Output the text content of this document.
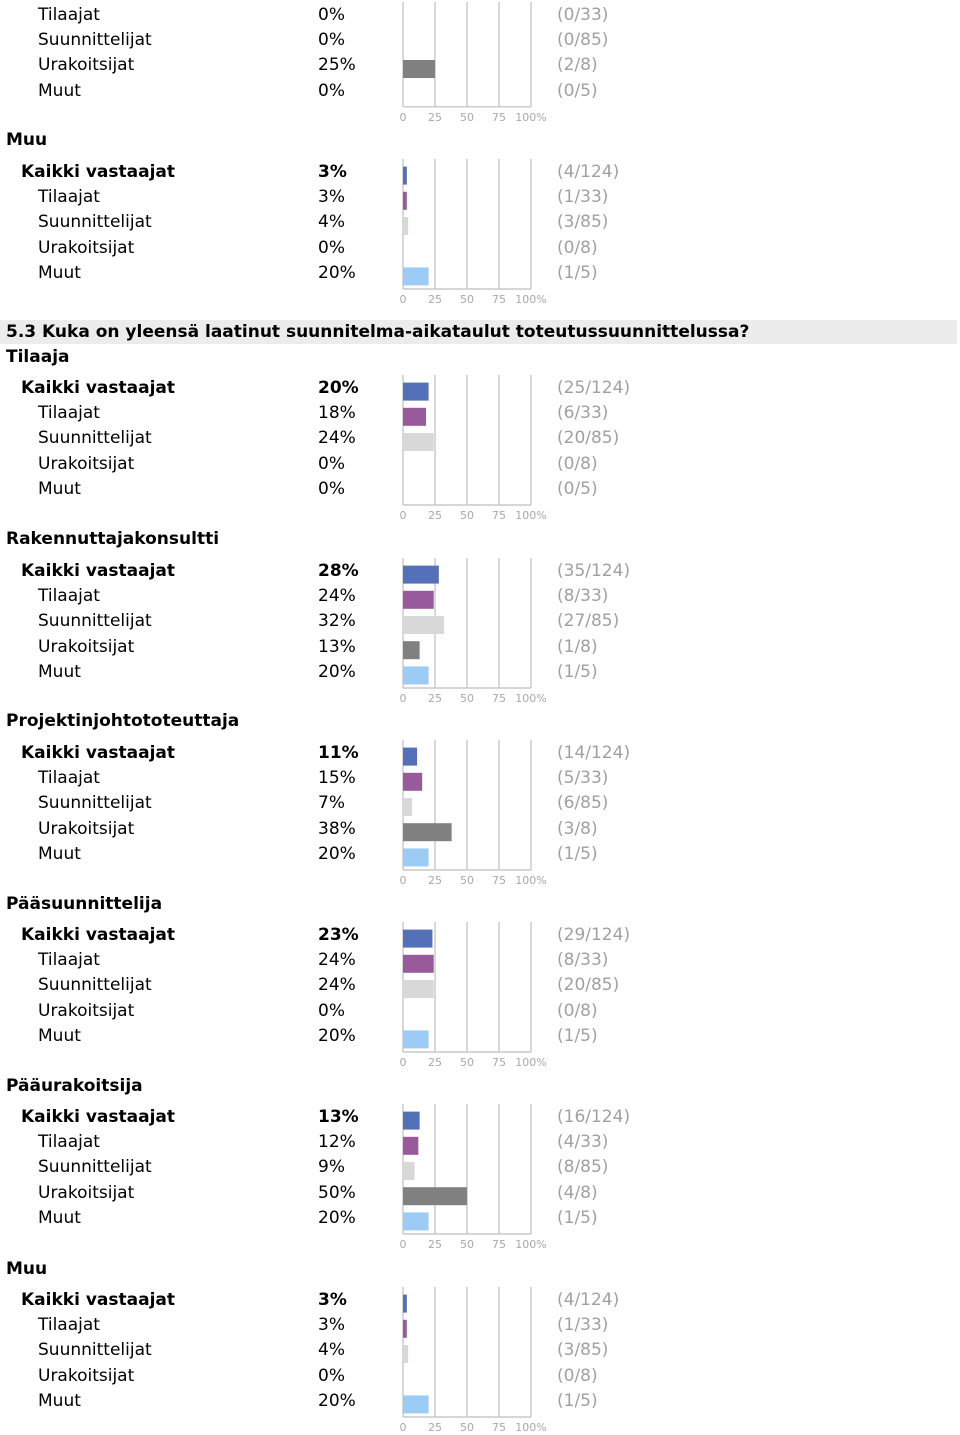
5.3 Kuka on yleensä laatinut suunnitelma-aikataulut toteutussuunnittelussa?
Tilaajat	0%	(0/33)
Suunnittelijat	0%	(0/85)
Urakoitsijat	25%	(2/8)
Muut	0%	(0/5)
0 25 50 75 100%
Muu
Kaikki vastaajat	3%	(4/124)
Tilaajat	3%	(1/33)
Suunnittelijat	4%	(3/85)
Urakoitsijat	0%	(0/8)
Muut	20%	(1/5)
0 25 50 75 100%
Tilaaja
Kaikki vastaajat	20%	(25/124)
Tilaajat	18%	(6/33)
Suunnittelijat	24%	(20/85)
Urakoitsijat	0%	(0/8)
Muut	0%	(0/5)
0 25 50 75 100%
Rakennuttajakonsultti
Kaikki vastaajat	28%	(35/124)
Tilaajat	24%	(8/33)
Suunnittelijat	32%	(27/85)
Urakoitsijat	13%	(1/8)
Muut	20%	(1/5)
0 25 50 75 100%
Projektinjohtototeuttaja
Kaikki vastaajat	11%	(14/124)
Tilaajat	15%	(5/33)
Suunnittelijat	7%	(6/85)
Urakoitsijat	38%	(3/8)
Muut	20%	(1/5)
0 25 50 75 100%
Pääsuunnittelija
Kaikki vastaajat	23%	(29/124)
Tilaajat	24%	(8/33)
Suunnittelijat	24%	(20/85)
Urakoitsijat	0%	(0/8)
Muut	20%	(1/5)
0 25 50 75 100%
Pääurakoitsija
Kaikki vastaajat	13%	(16/124)
Tilaajat	12%	(4/33)
Suunnittelijat	9%	(8/85)
Urakoitsijat	50%	(4/8)
Muut	20%	(1/5)
0 25 50 75 100%
Muu
Kaikki vastaajat	3%	(4/124)
Tilaajat	3%	(1/33)
Suunnittelijat	4%	(3/85)
Urakoitsijat	0%	(0/8)
Muut	20%	(1/5)
0 25 50 75 100%
